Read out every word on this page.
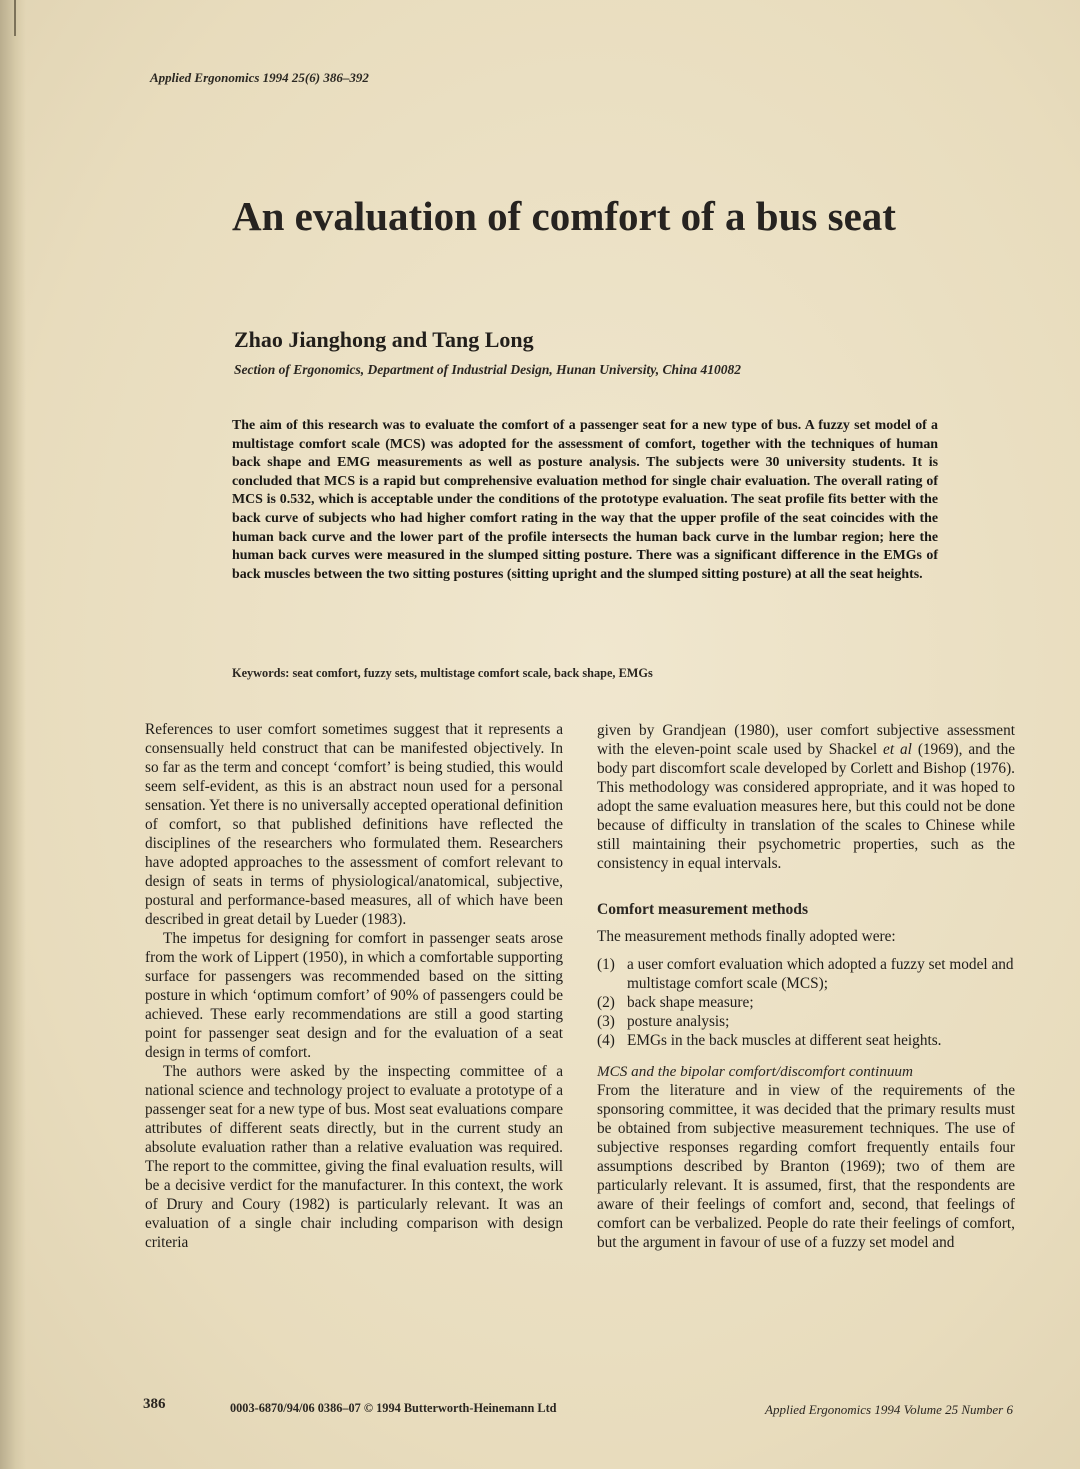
Applied Ergonomics 1994 25(6) 386–392
An evaluation of comfort of a bus seat
Zhao Jianghong and Tang Long
Section of Ergonomics, Department of Industrial Design, Hunan University, China 410082

The aim of this research was to evaluate the comfort of a passenger seat for a new type of bus. A fuzzy set model of a multistage comfort scale (MCS) was adopted for the assessment of comfort, together with the techniques of human back shape and EMG measurements as well as posture analysis. The subjects were 30 university students. It is concluded that MCS is a rapid but comprehensive evaluation method for single chair evaluation. The overall rating of MCS is 0.532, which is acceptable under the conditions of the prototype evaluation. The seat profile fits better with the back curve of subjects who had higher comfort rating in the way that the upper profile of the seat coincides with the human back curve and the lower part of the profile intersects the human back curve in the lumbar region; here the human back curves were measured in the slumped sitting posture. There was a significant difference in the EMGs of back muscles between the two sitting postures (sitting upright and the slumped sitting posture) at all the seat heights.

Keywords: seat comfort, fuzzy sets, multistage comfort scale, back shape, EMGs

References to user comfort sometimes suggest that it represents a consensually held construct that can be manifested objectively. In so far as the term and concept ‘comfort’ is being studied, this would seem self-evident, as this is an abstract noun used for a personal sensation. Yet there is no universally accepted operational definition of comfort, so that published definitions have reflected the disciplines of the researchers who formulated them. Researchers have adopted approaches to the assessment of comfort relevant to design of seats in terms of physiological/anatomical, subjective, postural and performance-based measures, all of which have been described in great detail by Lueder (1983).

The impetus for designing for comfort in passenger seats arose from the work of Lippert (1950), in which a comfortable supporting surface for passengers was recommended based on the sitting posture in which ‘optimum comfort’ of 90% of passengers could be achieved. These early recommendations are still a good starting point for passenger seat design and for the evaluation of a seat design in terms of comfort.

The authors were asked by the inspecting committee of a national science and technology project to evaluate a prototype of a passenger seat for a new type of bus. Most seat evaluations compare attributes of different seats directly, but in the current study an absolute evaluation rather than a relative evaluation was required. The report to the committee, giving the final evaluation results, will be a decisive verdict for the manufacturer. In this context, the work of Drury and Coury (1982) is particularly relevant. It was an evaluation of a single chair including comparison with design criteria

given by Grandjean (1980), user comfort subjective assessment with the eleven-point scale used by Shackel et al (1969), and the body part discomfort scale developed by Corlett and Bishop (1976). This methodology was considered appropriate, and it was hoped to adopt the same evaluation measures here, but this could not be done because of difficulty in translation of the scales to Chinese while still maintaining their psychometric properties, such as the consistency in equal intervals.

Comfort measurement methods

The measurement methods finally adopted were:

(1) a user comfort evaluation which adopted a fuzzy set model and multistage comfort scale (MCS);
(2) back shape measure;
(3) posture analysis;
(4) EMGs in the back muscles at different seat heights.
MCS and the bipolar comfort/discomfort continuum

From the literature and in view of the requirements of the sponsoring committee, it was decided that the primary results must be obtained from subjective measurement techniques. The use of subjective responses regarding comfort frequently entails four assumptions described by Branton (1969); two of them are particularly relevant. It is assumed, first, that the respondents are aware of their feelings of comfort and, second, that feelings of comfort can be verbalized. People do rate their feelings of comfort, but the argument in favour of use of a fuzzy set model and

386	0003-6870/94/06 0386–07 © 1994 Butterworth-Heinemann Ltd	Applied Ergonomics 1994 Volume 25 Number 6
